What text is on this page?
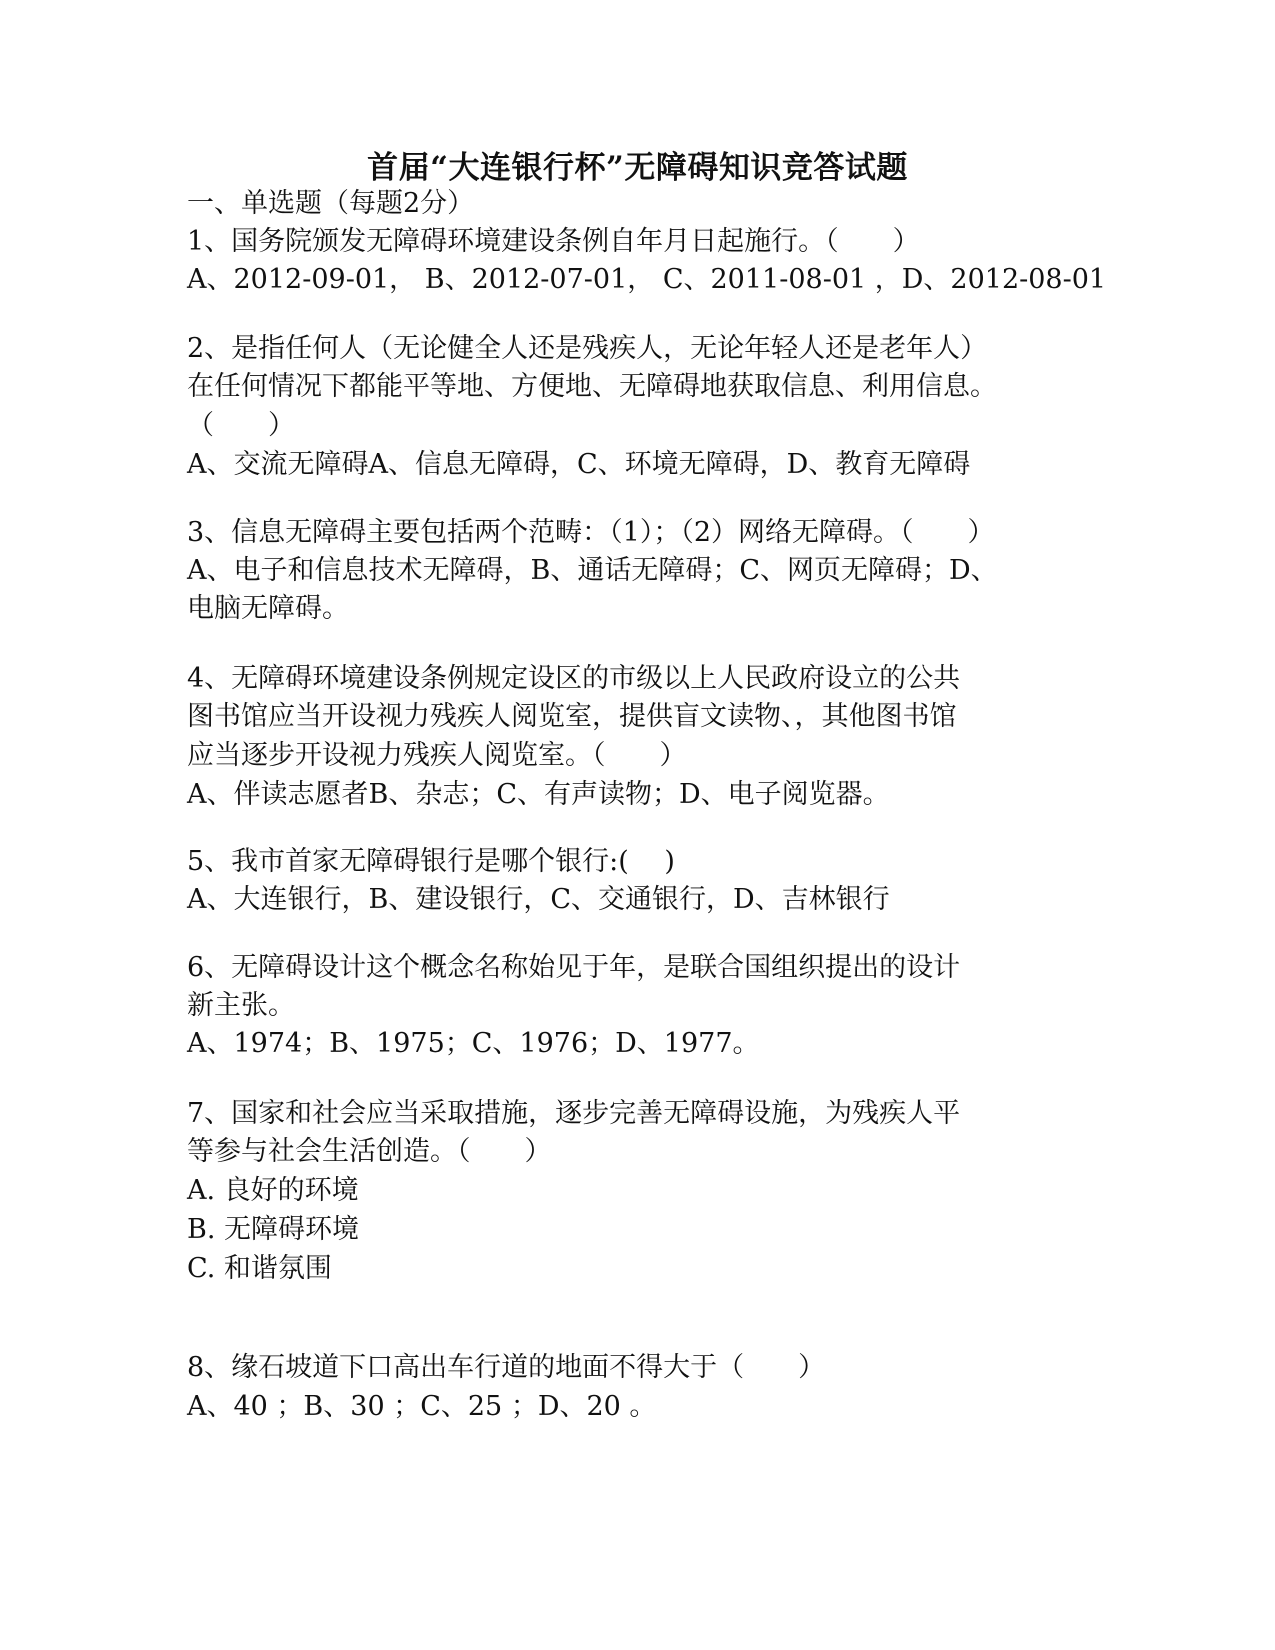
首届“大连银行杯”无障碍知识竞答试题
一、单选题（每题2分）
1、国务院颁发无障碍环境建设条例自年月日起施行。（　　）
A、2012-09-01， B、2012-07-01， C、2011-08-01 ，D、2012-08-01
2、是指任何人（无论健全人还是残疾人，无论年轻人还是老年人）
在任何情况下都能平等地、方便地、无障碍地获取信息、利用信息。
（　　）
A、交流无障碍A、信息无障碍，C、环境无障碍，D、教育无障碍
3、信息无障碍主要包括两个范畴：（1）；（2）网络无障碍。（　　）
A、电子和信息技术无障碍，B、通话无障碍；C、网页无障碍；D、
电脑无障碍。
4、无障碍环境建设条例规定设区的市级以上人民政府设立的公共
图书馆应当开设视力残疾人阅览室，提供盲文读物、，其他图书馆
应当逐步开设视力残疾人阅览室。（　　）
A、伴读志愿者B、杂志；C、有声读物；D、电子阅览器。
5、我市首家无障碍银行是哪个银行:(　 )
A、大连银行，B、建设银行，C、交通银行，D、吉林银行
6、无障碍设计这个概念名称始见于年，是联合国组织提出的设计
新主张。
A、1974；B、1975；C、1976；D、1977。
7、国家和社会应当采取措施，逐步完善无障碍设施，为残疾人平
等参与社会生活创造。（　　）
A. 良好的环境
B. 无障碍环境
C. 和谐氛围
8、缘石坡道下口高出车行道的地面不得大于（　　）
A、40 ；B、30 ；C、25 ；D、20 。
